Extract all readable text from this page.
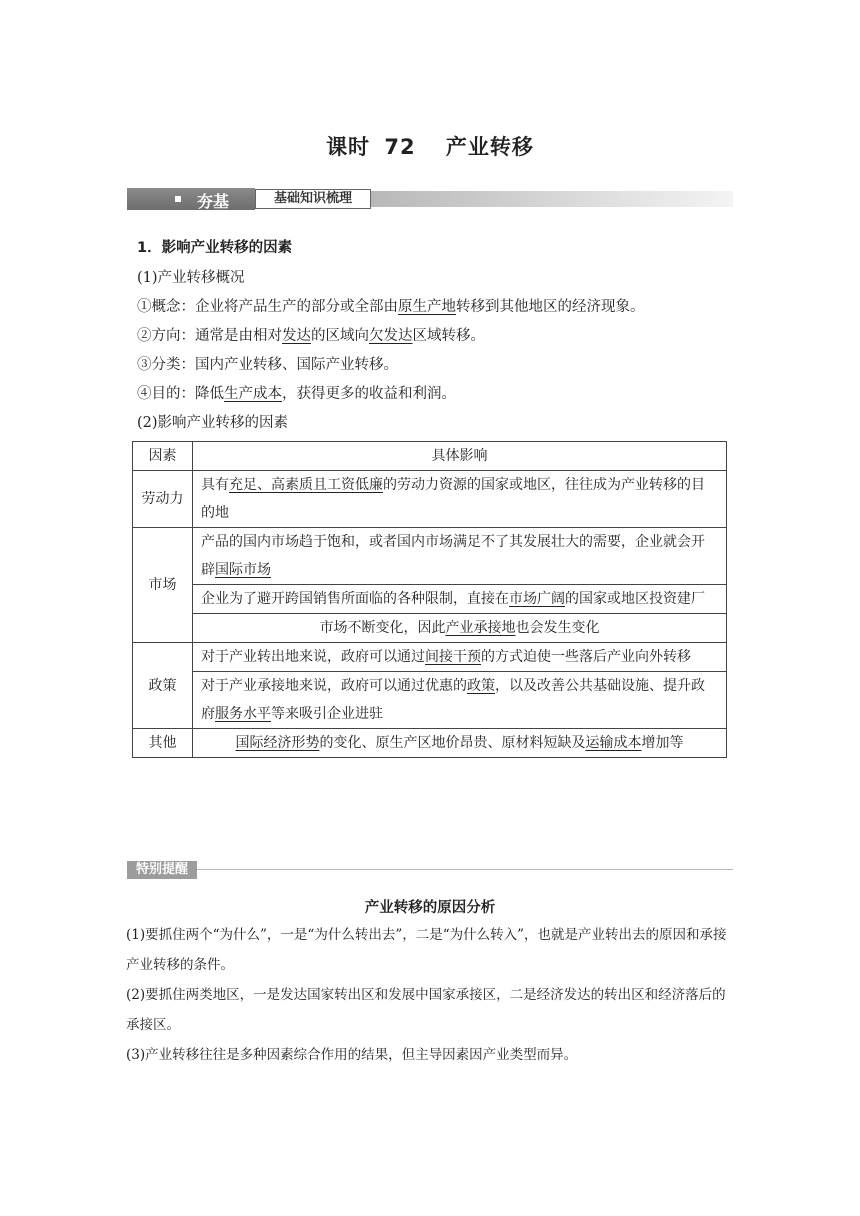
课时 72 产业转移
夯基	基础知识梳理
1．影响产业转移的因素
(1)产业转移概况
①概念：企业将产品生产的部分或全部由原生产地转移到其他地区的经济现象。
②方向：通常是由相对发达的区域向欠发达区域转移。
③分类：国内产业转移、国际产业转移。
④目的：降低生产成本，获得更多的收益和利润。
(2)影响产业转移的因素
因素	具体影响
劳动力	具有充足、高素质且工资低廉的劳动力资源的国家或地区，往往成为产业转移的目的地
市场	产品的国内市场趋于饱和，或者国内市场满足不了其发展壮大的需要，企业就会开辟国际市场
	企业为了避开跨国销售所面临的各种限制，直接在市场广阔的国家或地区投资建厂
	市场不断变化，因此产业承接地也会发生变化
政策	对于产业转出地来说，政府可以通过间接干预的方式迫使一些落后产业向外转移
	对于产业承接地来说，政府可以通过优惠的政策，以及改善公共基础设施、提升政府服务水平等来吸引企业进驻
其他	国际经济形势的变化、原生产区地价昂贵、原材料短缺及运输成本增加等
特别提醒
产业转移的原因分析
(1)要抓住两个“为什么”，一是“为什么转出去”，二是“为什么转入”，也就是产业转出去的原因和承接产业转移的条件。
(2)要抓住两类地区，一是发达国家转出区和发展中国家承接区，二是经济发达的转出区和经济落后的承接区。
(3)产业转移往往是多种因素综合作用的结果，但主导因素因产业类型而异。
